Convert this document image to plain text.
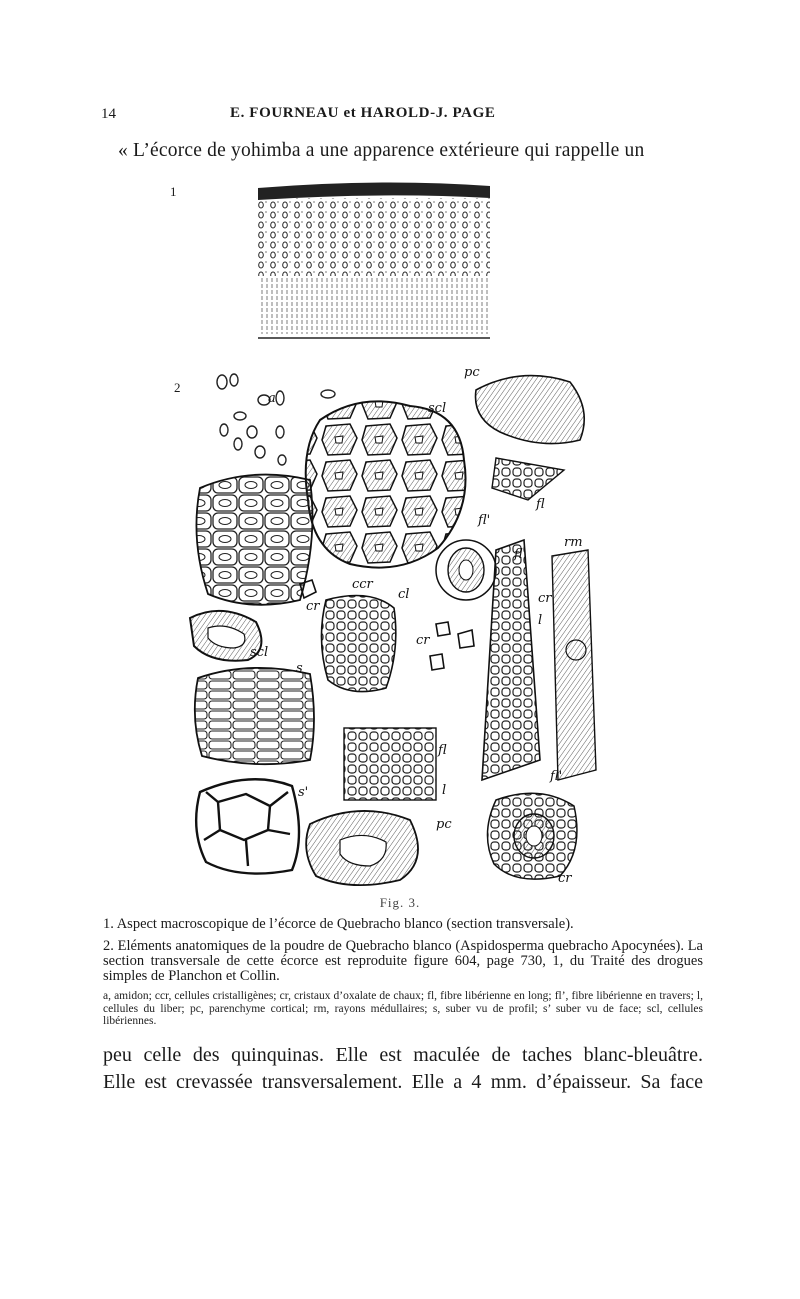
14	E. FOURNEAU et HAROLD-J. PAGE
« L’écorce de yohimba a une apparence extérieure qui rappelle un
1
2
a
scl
pc
fl
fl'
fl'
rm
cr
ccr
cl
cr
cr
scl
s
s'
fl
l
pc
fl'
cr
l
Fig. 3.
1. Aspect macroscopique de l’écorce de Quebracho blanco (section transversale).
2. Eléments anatomiques de la poudre de Quebracho blanco (Aspidosperma quebracho Apocynées). La section transversale de cette écorce est reproduite figure 604, page 730, 1, du Traité des drogues simples de Planchon et Collin.
a, amidon; ccr, cellules cristalligènes; cr, cristaux d’oxalate de chaux; fl, fibre libérienne en long; fl’, fibre libérienne en travers; l, cellules du liber; pc, parenchyme cortical; rm, rayons médullaires; s, suber vu de profil; s’ suber vu de face; scl, cellules libériennes.
peu celle des quinquinas. Elle est maculée de taches blanc-bleuâtre.
Elle est crevassée transversalement. Elle a 4 mm. d’épaisseur. Sa face
